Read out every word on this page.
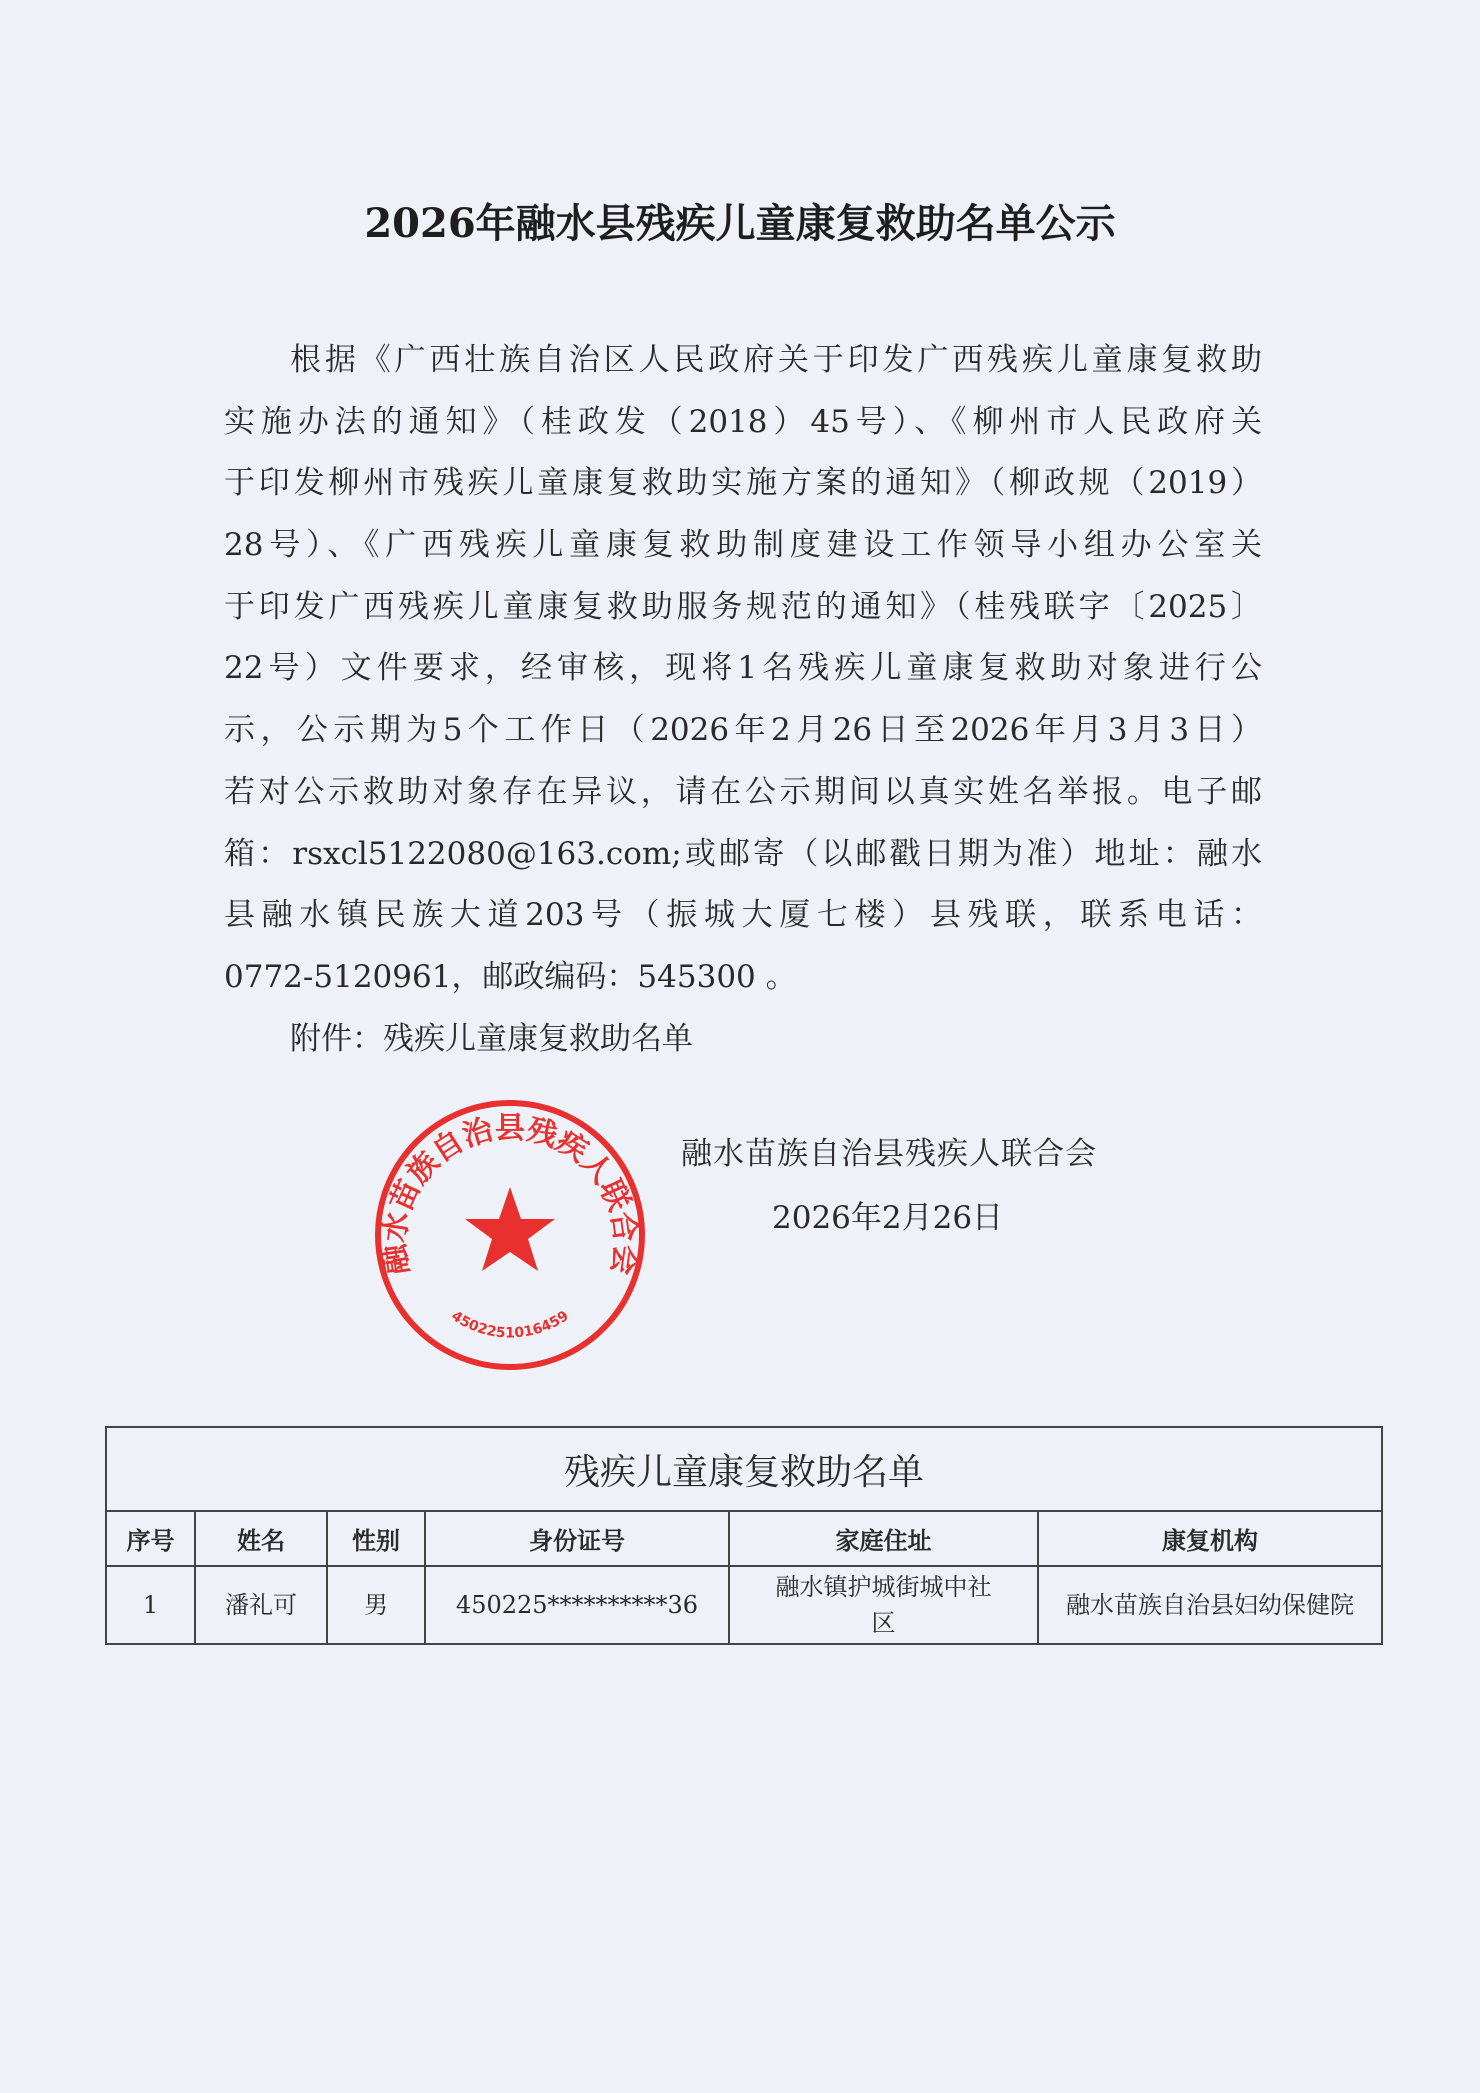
2026年融水县残疾儿童康复救助名单公示
根据《广西壮族自治区人民政府关于印发广西残疾儿童康复救助
实施办法的通知》（桂政发（2018）45号）、《柳州市人民政府关
于印发柳州市残疾儿童康复救助实施方案的通知》（柳政规（2019）
28号）、《广西残疾儿童康复救助制度建设工作领导小组办公室关
于印发广西残疾儿童康复救助服务规范的通知》（桂残联字〔2025〕
22号）文件要求，经审核，现将1名残疾儿童康复救助对象进行公
示，公示期为5个工作日（2026年2月26日至2026年月3月3日）
若对公示救助对象存在异议，请在公示期间以真实姓名举报。电子邮
箱：rsxcl5122080@163.com;或邮寄（以邮戳日期为准）地址：融水
县融水镇民族大道203号（振城大厦七楼）县残联，联系电话：
0772-5120961，邮政编码：545300 。
附件：残疾儿童康复救助名单
融水苗族自治县残疾人联合会
4502251016459
融水苗族自治县残疾人联合会
2026年2月26日
残疾儿童康复救助名单					
序号	姓名	性别	身份证号	家庭住址	康复机构
1	潘礼可	男	450225**********36	融水镇护城街城中社区	融水苗族自治县妇幼保健院
